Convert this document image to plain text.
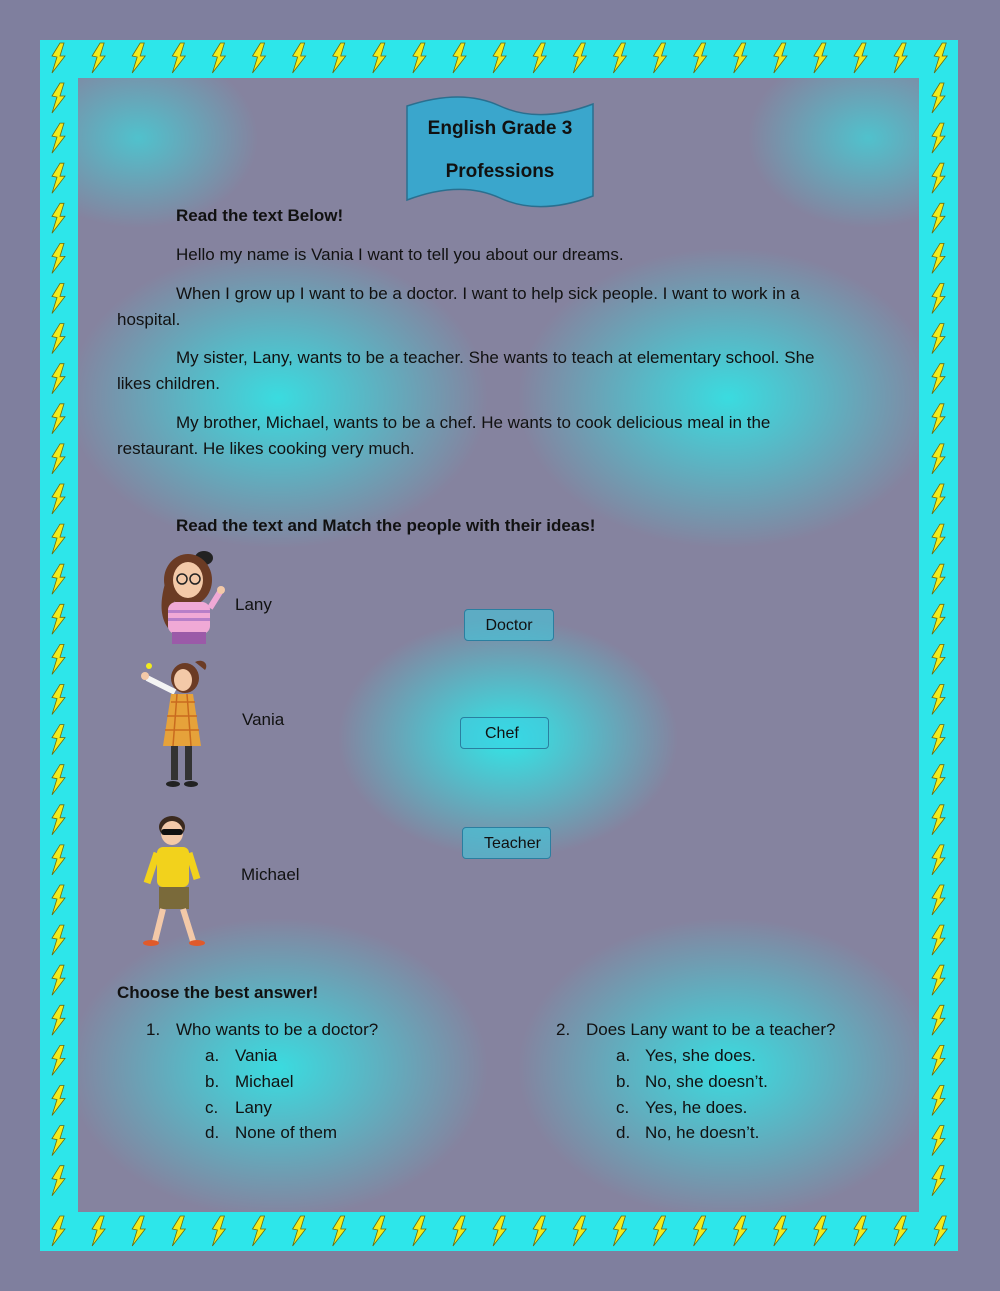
English Grade 3
Professions
Read the text Below!
Hello my name is Vania I want to tell you about our dreams.
When I grow up I want to be a doctor. I want to help sick people. I want to work in a
hospital.
My sister, Lany, wants to be a teacher. She wants to teach at elementary school. She
likes children.
My brother, Michael, wants to be a chef. He wants to cook delicious meal in the
restaurant. He likes cooking very much.
Read the text and Match the people with their ideas!
Lany
Vania
Michael
Doctor
Chef
Teacher
Choose the best answer!
1. Who wants to be a doctor?
a. Vania
b. Michael
c. Lany
d. None of them
2. Does Lany want to be a teacher?
a. Yes, she does.
b. No, she doesn’t.
c. Yes, he does.
d. No, he doesn’t.
